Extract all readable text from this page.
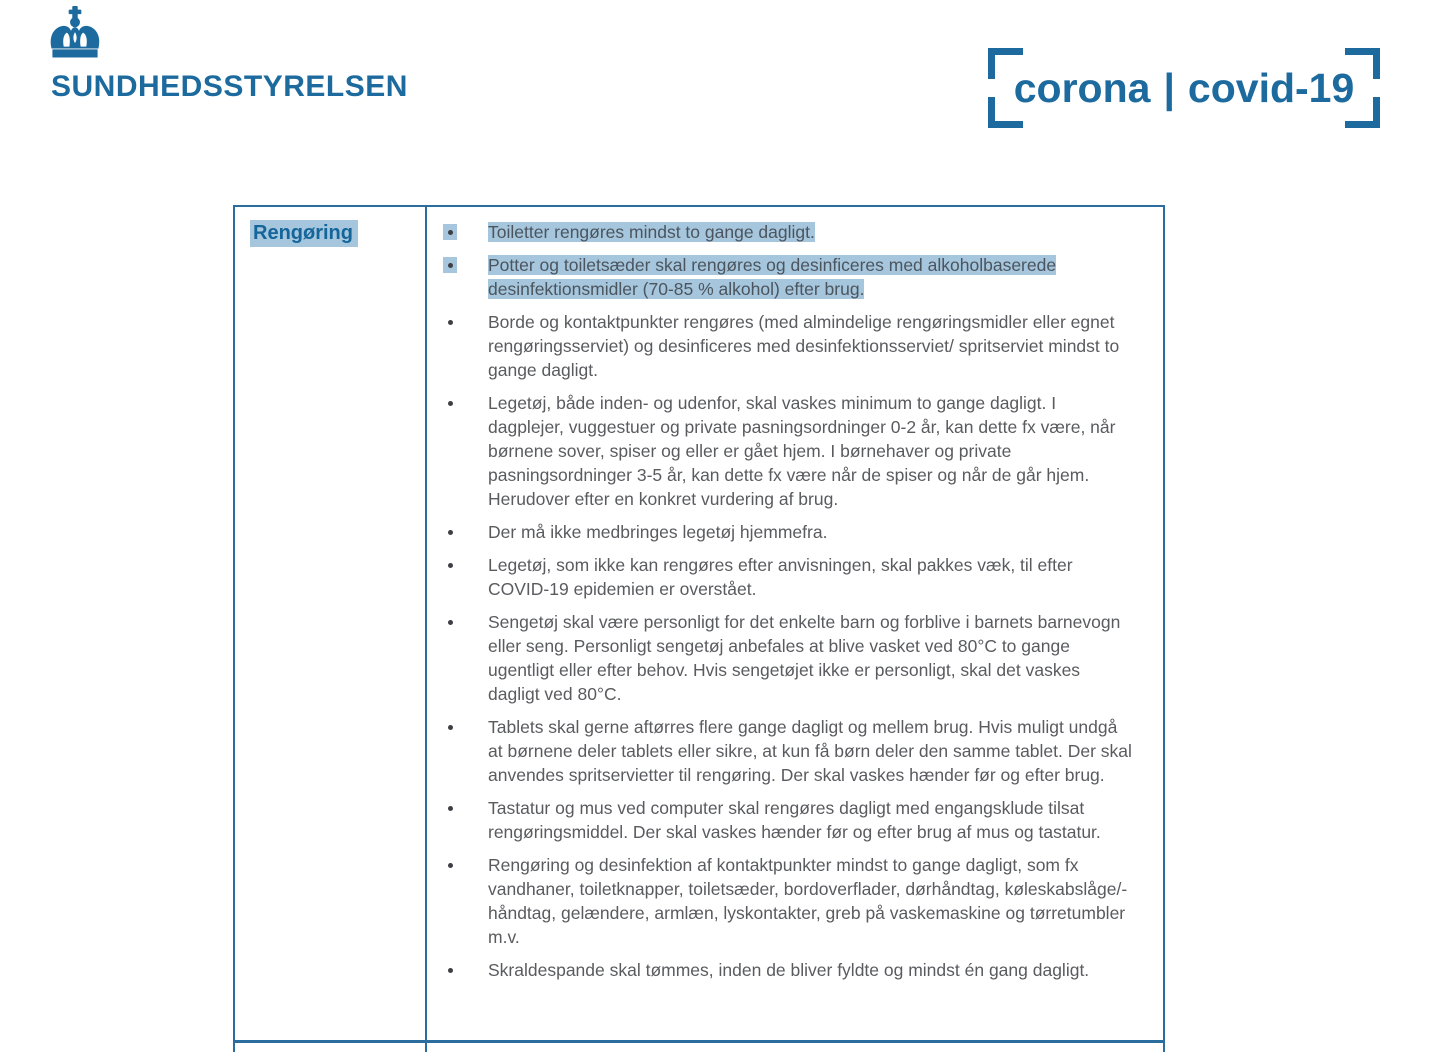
SUNDHEDSSTYRELSEN	corona | covid-19
Rengøring	Toiletter rengøres mindst to gange dagligt.
Potter og toiletsæder skal rengøres og desinficeres med alkoholbaserede desinfektionsmidler (70-85 % alkohol) efter brug.
Borde og kontaktpunkter rengøres (med almindelige rengøringsmidler eller egnet rengøringsserviet) og desinficeres med desinfektionsserviet/ spritserviet mindst to gange dagligt.
Legetøj, både inden- og udenfor, skal vaskes minimum to gange dagligt. I dagplejer, vuggestuer og private pasningsordninger 0-2 år, kan dette fx være, når børnene sover, spiser og eller er gået hjem. I børnehaver og private pasningsordninger 3-5 år, kan dette fx være når de spiser og når de går hjem. Herudover efter en konkret vurdering af brug.
Der må ikke medbringes legetøj hjemmefra.
Legetøj, som ikke kan rengøres efter anvisningen, skal pakkes væk, til efter COVID-19 epidemien er overstået.
Sengetøj skal være personligt for det enkelte barn og forblive i barnets barnevogn eller seng. Personligt sengetøj anbefales at blive vasket ved 80°C to gange ugentligt eller efter behov. Hvis sengetøjet ikke er personligt, skal det vaskes dagligt ved 80°C.
Tablets skal gerne aftørres flere gange dagligt og mellem brug. Hvis muligt undgå at børnene deler tablets eller sikre, at kun få børn deler den samme tablet. Der skal anvendes spritservietter til rengøring. Der skal vaskes hænder før og efter brug.
Tastatur og mus ved computer skal rengøres dagligt med engangsklude tilsat rengøringsmiddel. Der skal vaskes hænder før og efter brug af mus og tastatur.
Rengøring og desinfektion af kontaktpunkter mindst to gange dagligt, som fx vandhaner, toiletknapper, toiletsæder, bordoverflader, dørhåndtag, køleskabslåge/-håndtag, gelændere, armlæn, lyskontakter, greb på vaskemaskine og tørretumbler m.v.
Skraldespande skal tømmes, inden de bliver fyldte og mindst én gang dagligt.
